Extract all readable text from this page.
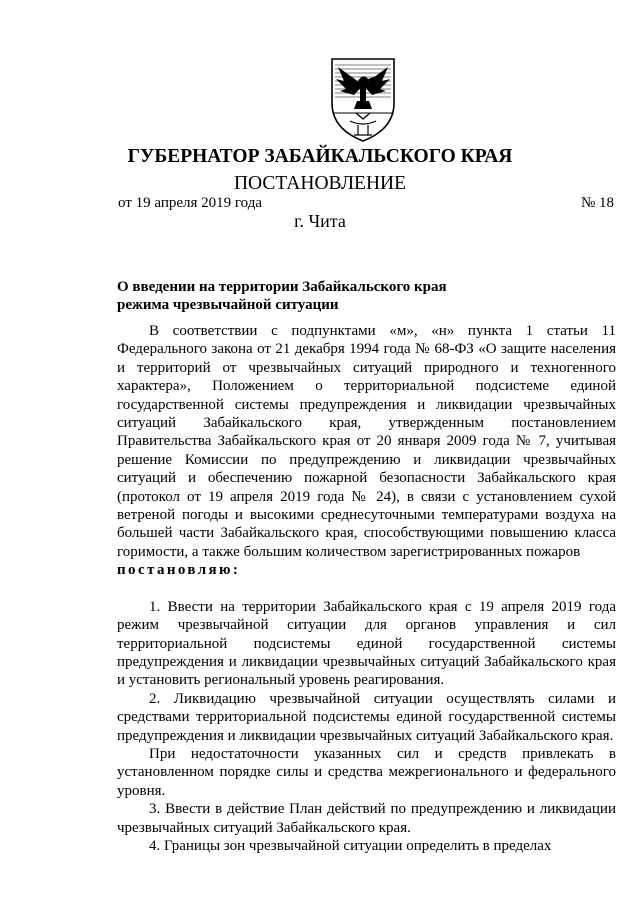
ГУБЕРНАТОР ЗАБАЙКАЛЬСКОГО КРАЯ
ПОСТАНОВЛЕНИЕ
от 19 апреля 2019 года	№ 18
г. Чита
О введении на территории Забайкальского края
режима чрезвычайной ситуации

В соответствии с подпунктами «м», «н» пункта 1 статьи 11 Федерального закона от 21 декабря 1994 года № 68-ФЗ «О защите населения и территорий от чрезвычайных ситуаций природного и техногенного характера», Положением о территориальной подсистеме единой государственной системы предупреждения и ликвидации чрезвычайных ситуаций Забайкальского края, утвержденным постановлением Правительства Забайкальского края от 20 января 2009 года № 7, учитывая решение Комиссии по предупреждению и ликвидации чрезвычайных ситуаций и обеспечению пожарной безопасности Забайкальского края (протокол от 19 апреля 2019 года № 24), в связи с установлением сухой ветреной погоды и высокими среднесуточными температурами воздуха на большей части Забайкальского края, способствующими повышению класса горимости, а также большим количеством зарегистрированных пожаров

постановляю:

1. Ввести на территории Забайкальского края с 19 апреля 2019 года режим чрезвычайной ситуации для органов управления и сил территориальной подсистемы единой государственной системы предупреждения и ликвидации чрезвычайных ситуаций Забайкальского края и установить региональный уровень реагирования.

2. Ликвидацию чрезвычайной ситуации осуществлять силами и средствами территориальной подсистемы единой государственной системы предупреждения и ликвидации чрезвычайных ситуаций Забайкальского края.

При недостаточности указанных сил и средств привлекать в установленном порядке силы и средства межрегионального и федерального уровня.

3. Ввести в действие План действий по предупреждению и ликвидации чрезвычайных ситуаций Забайкальского края.

4. Границы зон чрезвычайной ситуации определить в пределах
